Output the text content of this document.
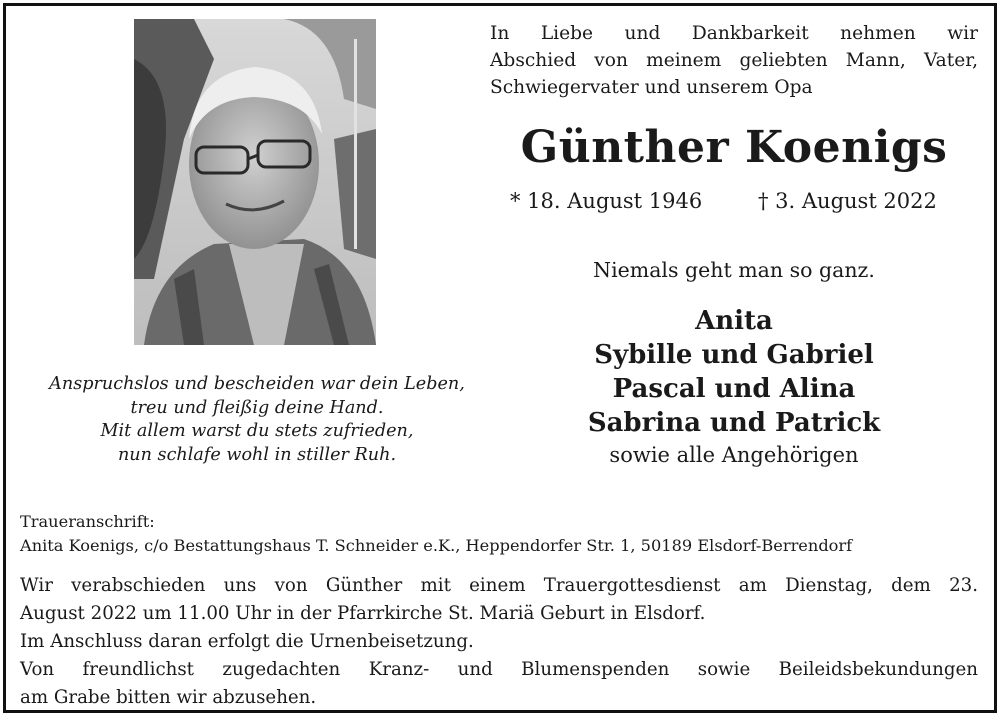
Anspruchslos und bescheiden war dein Leben,
treu und fleißig deine Hand.
Mit allem warst du stets zufrieden,
nun schlafe wohl in stiller Ruh.
In Liebe und Dankbarkeit nehmen wir
Abschied von meinem geliebten Mann, Vater,
Schwiegervater und unserem Opa
Günther Koenigs
* 18. August 1946	† 3. August 2022
Niemals geht man so ganz.
Anita
Sybille und Gabriel
Pascal und Alina
Sabrina und Patrick
sowie alle Angehörigen
Traueranschrift:
Anita Koenigs, c/o Bestattungshaus T. Schneider e.K., Heppendorfer Str. 1, 50189 Elsdorf-Berrendorf
Wir verabschieden uns von Günther mit einem Trauergottesdienst am Dienstag, dem 23.
August 2022 um 11.00 Uhr in der Pfarrkirche St. Mariä Geburt in Elsdorf.
Im Anschluss daran erfolgt die Urnenbeisetzung.
Von freundlichst zugedachten Kranz- und Blumenspenden sowie Beileidsbekundungen
am Grabe bitten wir abzusehen.
